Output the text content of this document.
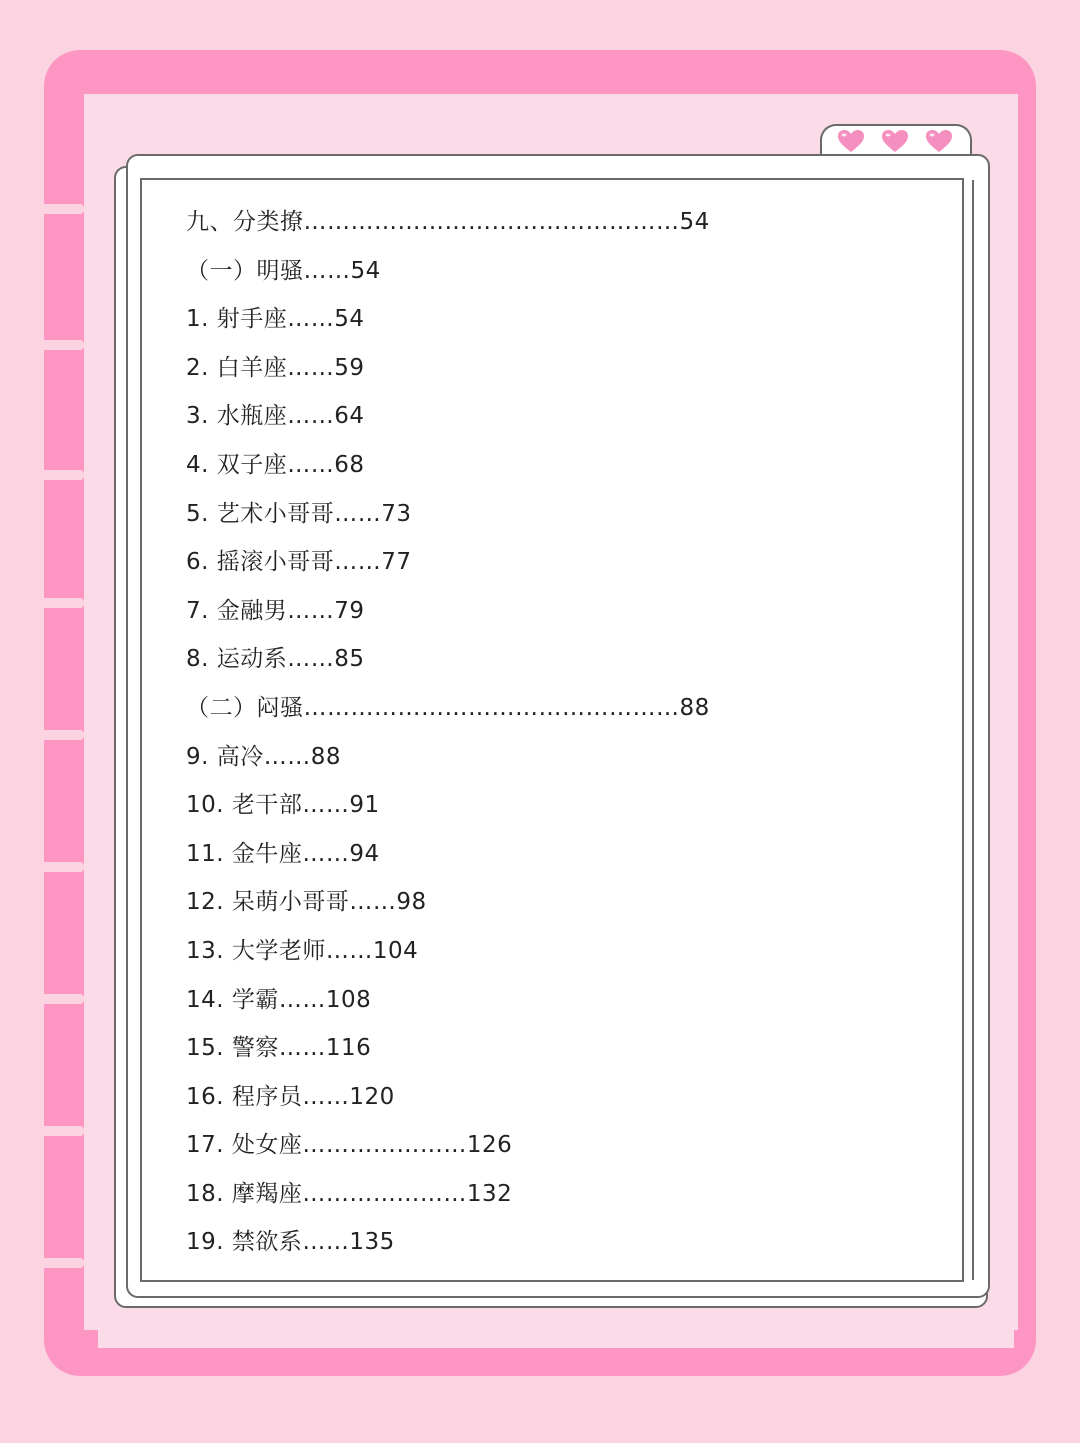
九、分类撩…………………………………………54
（一）明骚……54
1. 射手座……54
2. 白羊座……59
3. 水瓶座……64
4. 双子座……68
5. 艺术小哥哥……73
6. 摇滚小哥哥……77
7. 金融男……79
8. 运动系……85
（二）闷骚…………………………………………88
9. 高冷……88
10. 老干部……91
11. 金牛座……94
12. 呆萌小哥哥……98
13. 大学老师……104
14. 学霸……108
15. 警察……116
16. 程序员……120
17. 处女座…………………126
18. 摩羯座…………………132
19. 禁欲系……135
